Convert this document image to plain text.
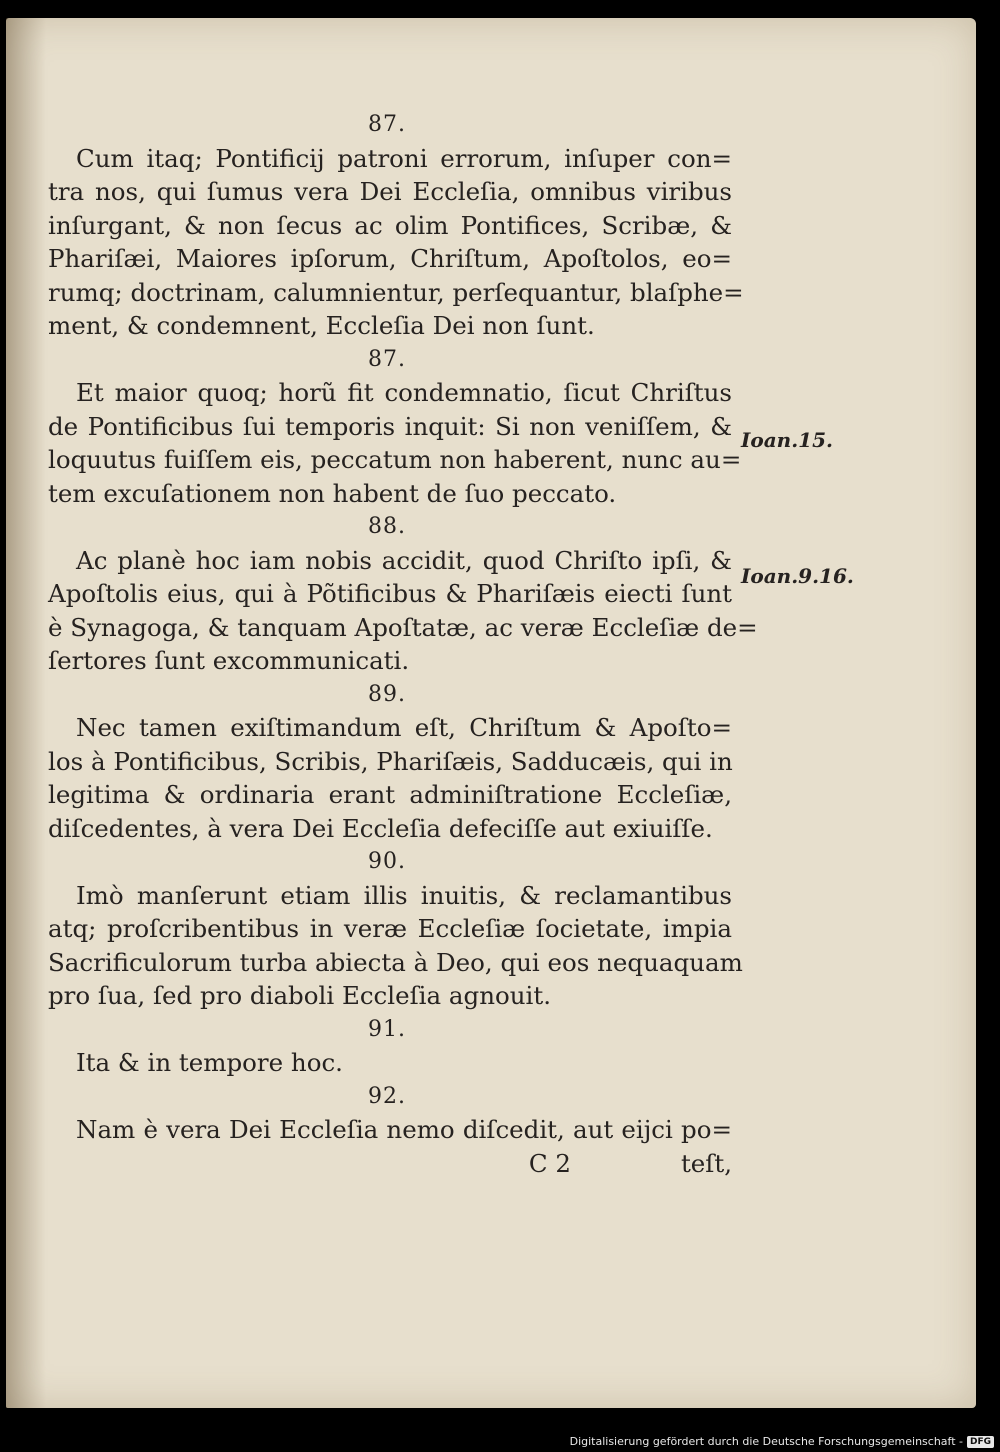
87.
Cum itaq; Pontificij patroni errorum, inſuper con=
tra nos, qui ſumus vera Dei Eccleſia, omnibus viribus
inſurgant, & non ſecus ac olim Pontifices, Scribæ, &
Phariſæi, Maiores ipſorum, Chriſtum, Apoſtolos, eo=
rumq; doctrinam, calumnientur, perſequantur, blaſphe=
ment, & condemnent, Eccleſia Dei non ſunt.
87.
Et maior quoq; horũ fit condemnatio, ſicut Chriſtus
de Pontificibus ſui temporis inquit: Si non veniſſem, &
loquutus fuiſſem eis, peccatum non haberent, nunc au=
tem excuſationem non habent de ſuo peccato.
88.
Ac planè hoc iam nobis accidit, quod Chriſto ipſi, &
Apoſtolis eius, qui à Põtificibus & Phariſæis eiecti ſunt
è Synagoga, & tanquam Apoſtatæ, ac veræ Eccleſiæ de=
ſertores ſunt excommunicati.
89.
Nec tamen exiſtimandum eſt, Chriſtum & Apoſto=
los à Pontificibus, Scribis, Phariſæis, Sadducæis, qui in
legitima & ordinaria erant adminiſtratione Eccleſiæ,
diſcedentes, à vera Dei Eccleſia defeciſſe aut exiuiſſe.
90.
Imò manſerunt etiam illis inuitis, & reclamantibus
atq; proſcribentibus in veræ Eccleſiæ ſocietate, impia
Sacrificulorum turba abiecta à Deo, qui eos nequaquam
pro ſua, ſed pro diaboli Eccleſia agnouit.
91.
Ita & in tempore hoc.
92.
Nam è vera Dei Eccleſia nemo diſcedit, aut eijci po=
C 2	teſt,
Ioan.15.
Ioan.9.16.
Digitalisierung gefördert durch die Deutsche Forschungsgemeinschaft - DFG
